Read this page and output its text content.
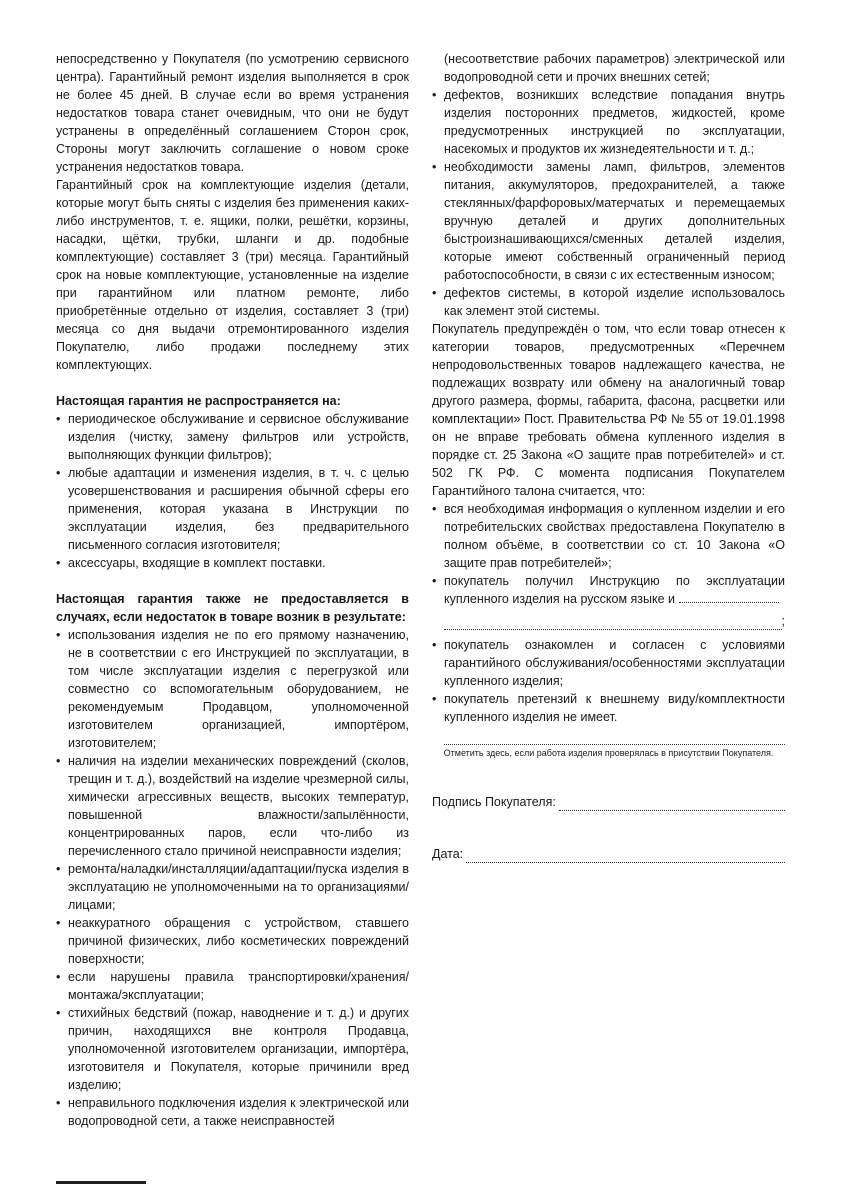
непосредственно у Покупателя (по усмотрению сервисного центра). Гарантийный ремонт изделия выполняется в срок не более 45 дней. В случае если во время устранения недостатков товара станет очевидным, что они не будут устранены в определённый соглашением Сторон срок, Стороны могут заключить соглашение о новом сроке устранения недостатков товара.

Гарантийный срок на комплектующие изделия (детали, которые могут быть сняты с изделия без применения каких-либо инструментов, т. е. ящики, полки, решётки, корзины, насадки, щётки, трубки, шланги и др. подобные комплектующие) составляет 3 (три) месяца. Гарантийный срок на новые комплектующие, установленные на изделие при гарантийном или платном ремонте, либо приобретённые отдельно от изделия, составляет 3 (три) месяца со дня выдачи отремонтированного изделия Покупателю, либо продажи последнему этих комплектующих.

Настоящая гарантия не распространяется на:
• периодическое обслуживание и сервисное обслуживание изделия (чистку, замену фильтров или устройств, выполняющих функции фильтров);
• любые адаптации и изменения изделия, в т. ч. с целью усовершенствования и расширения обычной сферы его применения, которая указана в Инструкции по эксплуатации изделия, без предварительного письменного согласия изготовителя;
• аксессуары, входящие в комплект поставки.
Настоящая гарантия также не предоставляется в случаях, если недостаток в товаре возник в результате:
• использования изделия не по его прямому назначению, не в соответствии с его Инструкцией по эксплуатации, в том числе эксплуатации изделия с перегрузкой или совместно со вспомогательным оборудованием, не рекомендуемым Продавцом, уполномоченной изготовителем организацией, импортёром, изготовителем;
• наличия на изделии механических повреждений (сколов, трещин и т. д.), воздействий на изделие чрезмерной силы, химически агрессивных веществ, высоких температур, повышенной влажности/запылённости, концентрированных паров, если что-либо из перечисленного стало причиной неисправности изделия;
• ремонта/наладки/инсталляции/адаптации/пуска изделия в эксплуатацию не уполномоченными на то организациями/ лицами;
• неаккуратного обращения с устройством, ставшего причиной физических, либо косметических повреждений поверхности;
• если нарушены правила транспортировки/хранения/ монтажа/эксплуатации;
• стихийных бедствий (пожар, наводнение и т. д.) и других причин, находящихся вне контроля Продавца, уполномоченной изготовителем организации, импортёра, изготовителя и Покупателя, которые причинили вред изделию;
• неправильного подключения изделия к электрической или водопроводной сети, а также неисправностей

(несоответствие рабочих параметров) электрической или водопроводной сети и прочих внешних сетей;

• дефектов, возникших вследствие попадания внутрь изделия посторонних предметов, жидкостей, кроме предусмотренных инструкцией по эксплуатации, насекомых и продуктов их жизнедеятельности и т. д.;
• необходимости замены ламп, фильтров, элементов питания, аккумуляторов, предохранителей, а также стеклянных/фарфоровых/матерчатых и перемещаемых вручную деталей и других дополнительных быстроизнашивающихся/сменных деталей изделия, которые имеют собственный ограниченный период работоспособности, в связи с их естественным износом;
• дефектов системы, в которой изделие использовалось как элемент этой системы.

Покупатель предупреждён о том, что если товар отнесен к категории товаров, предусмотренных «Перечнем непродовольственных товаров надлежащего качества, не подлежащих возврату или обмену на аналогичный товар другого размера, формы, габарита, фасона, расцветки или комплектации» Пост. Правительства РФ № 55 от 19.01.1998 он не вправе требовать обмена купленного изделия в порядке ст. 25 Закона «О защите прав потребителей» и ст. 502 ГК РФ. С момента подписания Покупателем Гарантийного талона считается, что:

• вся необходимая информация о купленном изделии и его потребительских свойствах предоставлена Покупателю в полном объёме, в соответствии со ст. 10 Закона «О защите прав потребителей»;
• покупатель получил Инструкцию по эксплуатации купленного изделия на русском языке и
;
• покупатель ознакомлен и согласен с условиями гарантийного обслуживания/особенностями эксплуатации купленного изделия;
• покупатель претензий к внешнему виду/комплектности купленного изделия не имеет.
Отметить здесь, если работа изделия проверялась в присутствии Покупателя.
Подпись Покупателя:
Дата:
